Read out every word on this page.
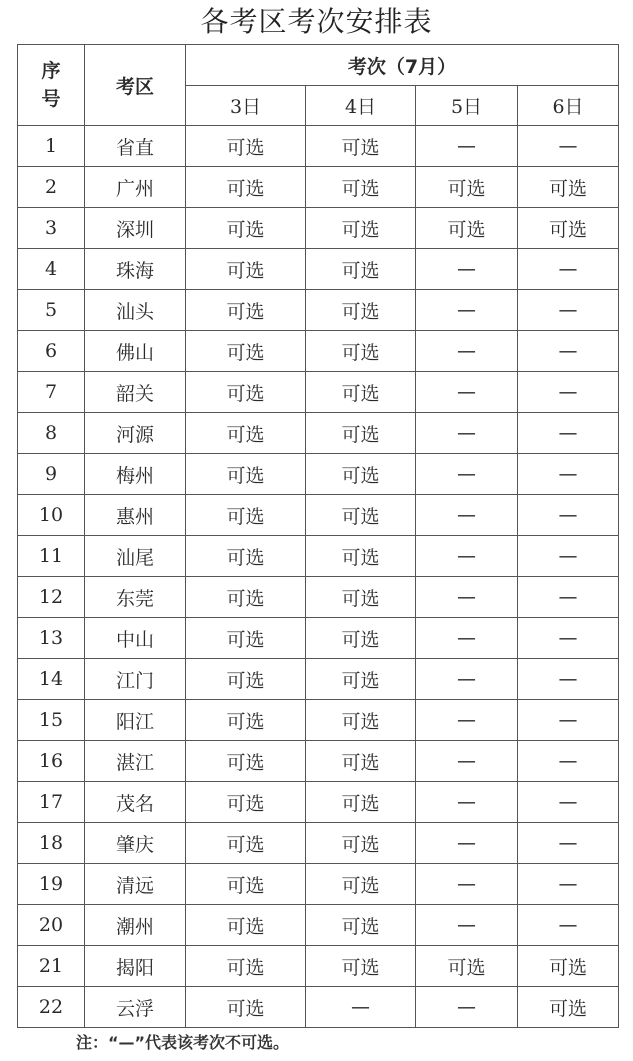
各考区考次安排表
序
号	考区	考次（7月）			
		3日	4日	5日	6日
1	省直	可选	可选	—	—
2	广州	可选	可选	可选	可选
3	深圳	可选	可选	可选	可选
4	珠海	可选	可选	—	—
5	汕头	可选	可选	—	—
6	佛山	可选	可选	—	—
7	韶关	可选	可选	—	—
8	河源	可选	可选	—	—
9	梅州	可选	可选	—	—
10	惠州	可选	可选	—	—
11	汕尾	可选	可选	—	—
12	东莞	可选	可选	—	—
13	中山	可选	可选	—	—
14	江门	可选	可选	—	—
15	阳江	可选	可选	—	—
16	湛江	可选	可选	—	—
17	茂名	可选	可选	—	—
18	肇庆	可选	可选	—	—
19	清远	可选	可选	—	—
20	潮州	可选	可选	—	—
21	揭阳	可选	可选	可选	可选
22	云浮	可选	—	—	可选
注：“—”代表该考次不可选。
